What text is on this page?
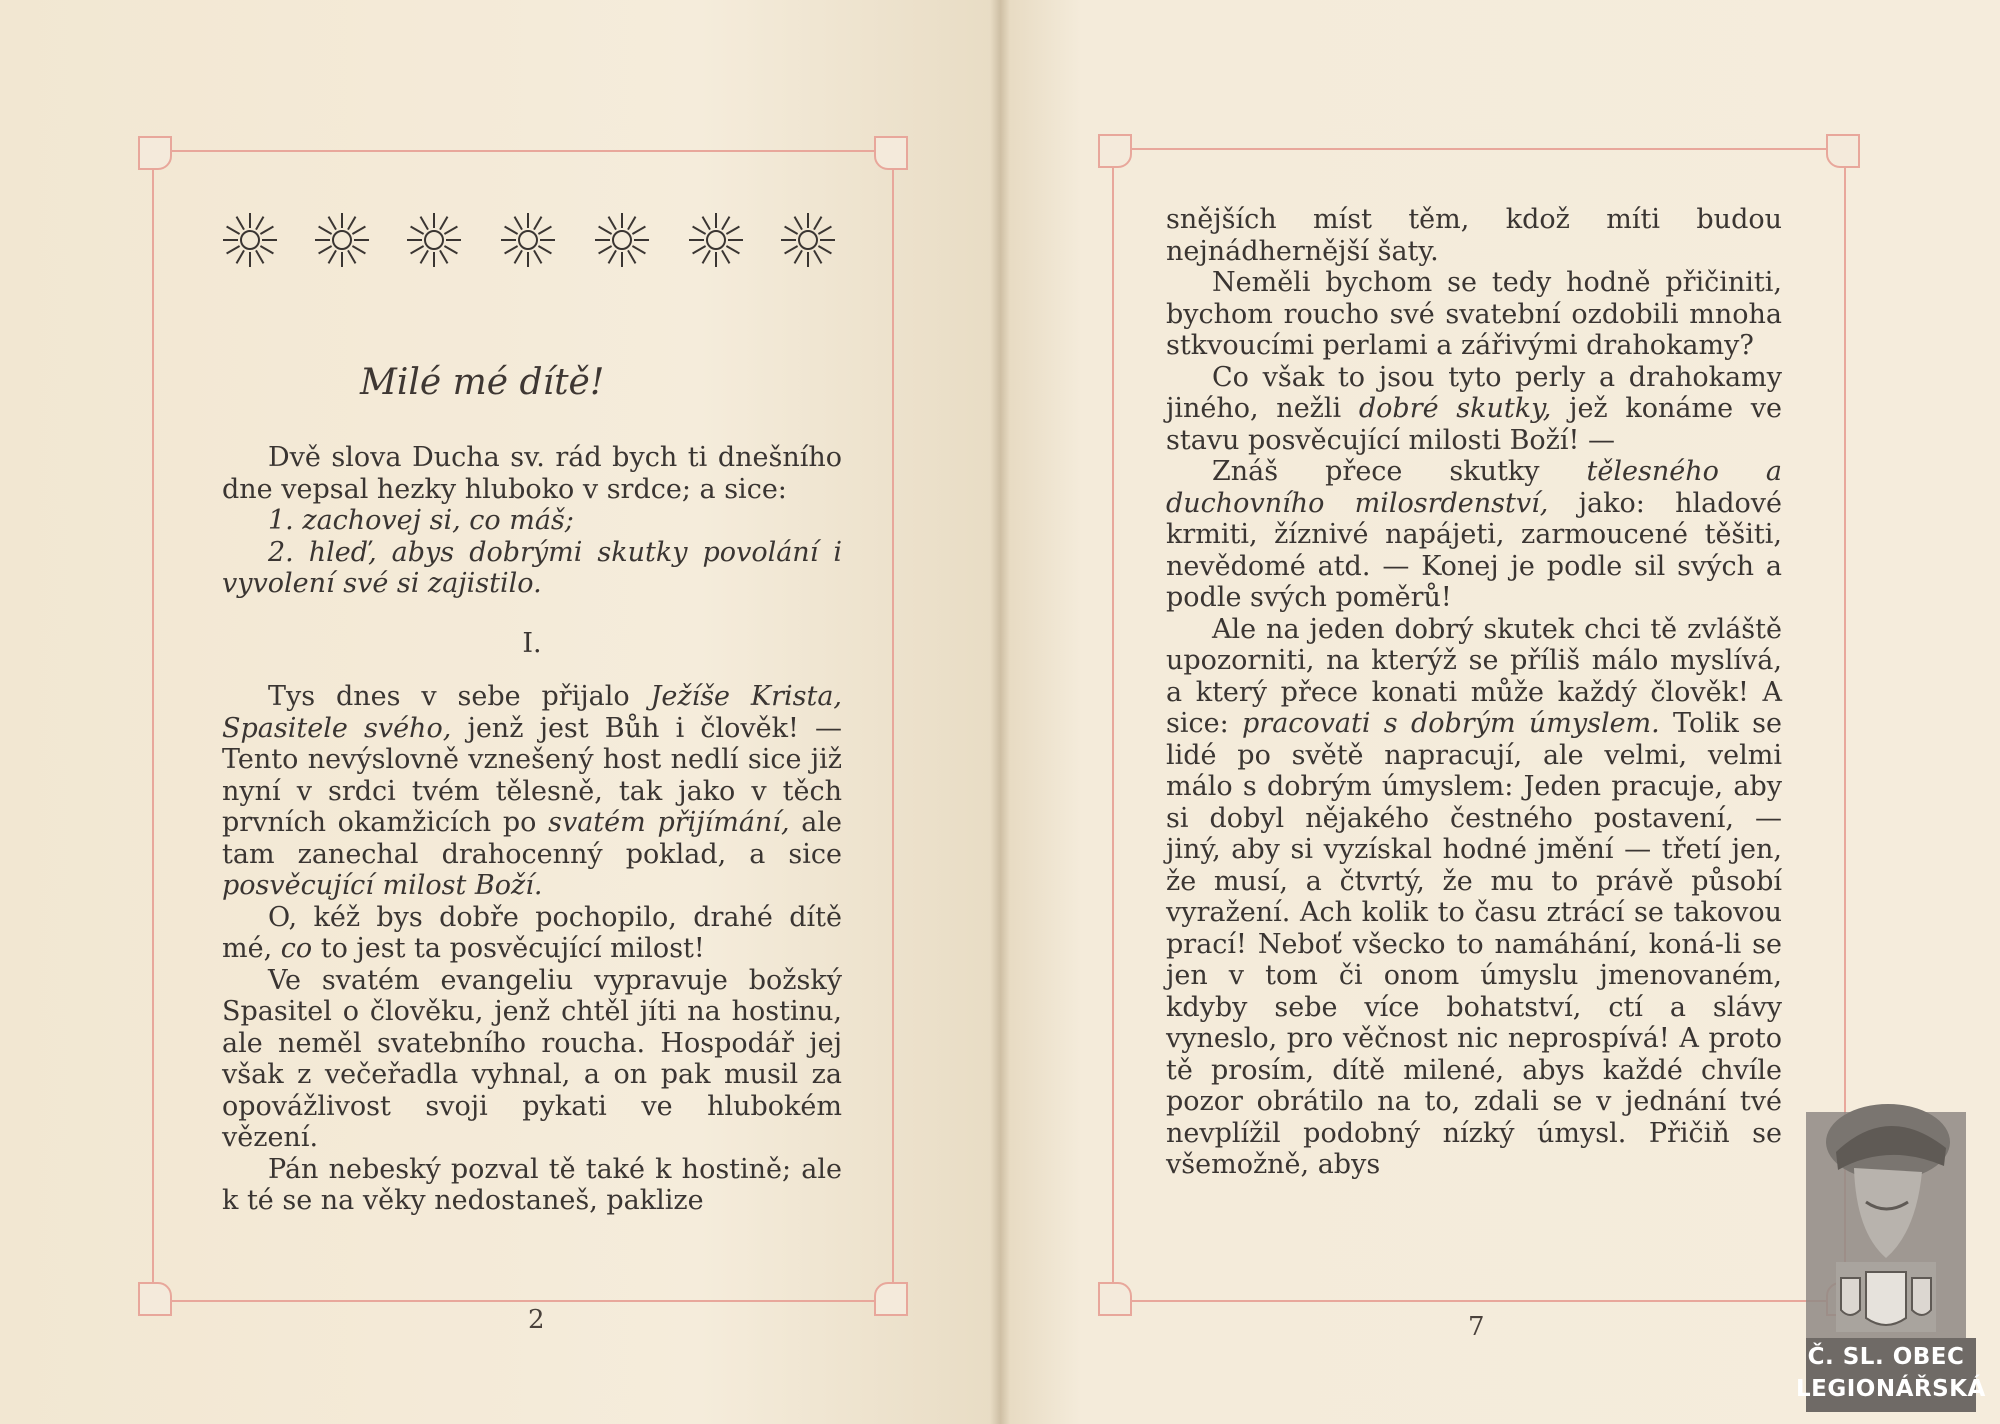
Milé mé dítě!

Dvě slova Ducha sv. rád bych ti dnešního dne vepsal hezky hluboko v srdce; a sice:

1. zachovej si, co máš;

2. hleď, abys dobrými skutky povolání i vyvolení své si zajistilo.

I.

Tys dnes v sebe přijalo Ježíše Krista, Spasitele svého, jenž jest Bůh i člověk! — Tento nevýslovně vznešený host nedlí sice již nyní v srdci tvém tělesně, tak jako v těch prvních okamžicích po svatém přijímání, ale tam zanechal drahocenný poklad, a sice posvěcující milost Boží.

O, kéž bys dobře pochopilo, drahé dítě mé, co to jest ta posvěcující milost!

Ve svatém evangeliu vypravuje božský Spasitel o člověku, jenž chtěl jíti na hostinu, ale neměl svatebního roucha. Hospodář jej však z večeřadla vyhnal, a on pak musil za opovážlivost svoji pykati ve hlubokém vězení.

Pán nebeský pozval tě také k hostině; ale k té se na věky nedostaneš, paklize

2

snějších míst těm, kdož míti budou nejnádhernější šaty.

Neměli bychom se tedy hodně přičiniti, bychom roucho své svatební ozdobili mnoha stkvoucími perlami a zářivými drahokamy?

Co však to jsou tyto perly a drahokamy jiného, nežli dobré skutky, jež konáme ve stavu posvěcující milosti Boží! —

Znáš přece skutky tělesného a duchovního milosrdenství, jako: hladové krmiti, žíznivé napájeti, zarmoucené těšiti, nevědomé atd. — Konej je podle sil svých a podle svých poměrů!

Ale na jeden dobrý skutek chci tě zvláště upozorniti, na kterýž se příliš málo myslívá, a který přece konati může každý člověk! A sice: pracovati s dobrým úmyslem. Tolik se lidé po světě napracují, ale velmi, velmi málo s dobrým úmyslem: Jeden pracuje, aby si dobyl nějakého čestného postavení, — jiný, aby si vyzískal hodné jmění — třetí jen, že musí, a čtvrtý, že mu to právě působí vyražení. Ach kolik to času ztrácí se takovou prací! Neboť všecko to namáhání, koná-li se jen v tom či onom úmyslu jmenovaném, kdyby sebe více bohatství, ctí a slávy vyneslo, pro věčnost nic neprospívá! A proto tě prosím, dítě milené, abys každé chvíle pozor obrátilo na to, zdali se v jednání tvé nevplížil podobný nízký úmysl. Přičiň se všemožně, abys

7
Č. SL. OBEC
LEGIONÁŘSKÁ
